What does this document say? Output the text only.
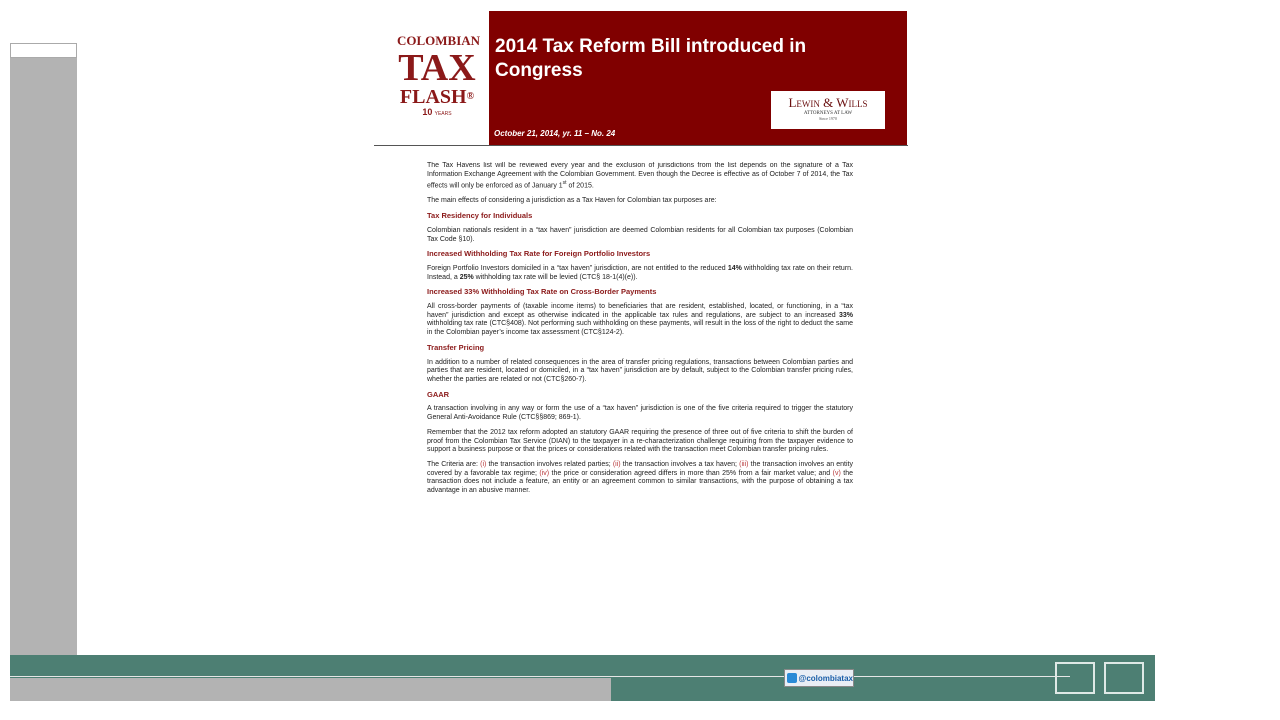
COLOMBIAN
TAX
FLASH®
10 YEARS
2014 Tax Reform Bill introduced in Congress
Lewin & Wills
ATTORNEYS AT LAW
Since 1970
October 21, 2014, yr. 11 – No. 24

The Tax Havens list will be reviewed every year and the exclusion of jurisdictions from the list depends on the signature of a Tax Information Exchange Agreement with the Colombian Government. Even though the Decree is effective as of October 7 of 2014, the Tax effects will only be enforced as of January 1st of 2015.

The main effects of considering a jurisdiction as a Tax Haven for Colombian tax purposes are:

Tax Residency for Individuals

Colombian nationals resident in a “tax haven” jurisdiction are deemed Colombian residents for all Colombian tax purposes (Colombian Tax Code §10).

Increased Withholding Tax Rate for Foreign Portfolio Investors

Foreign Portfolio Investors domiciled in a “tax haven” jurisdiction, are not entitled to the reduced 14% withholding tax rate on their return. Instead, a 25% withholding tax rate will be levied (CTC§ 18-1(4)(e)).

Increased 33% Withholding Tax Rate on Cross-Border Payments

All cross-border payments of (taxable income items) to beneficiaries that are resident, established, located, or functioning, in a “tax haven” jurisdiction and except as otherwise indicated in the applicable tax rules and regulations, are subject to an increased 33% withholding tax rate (CTC§408). Not performing such withholding on these payments, will result in the loss of the right to deduct the same in the Colombian payer’s income tax assessment (CTC§124-2).

Transfer Pricing

In addition to a number of related consequences in the area of transfer pricing regulations, transactions between Colombian parties and parties that are resident, located or domiciled, in a “tax haven” jurisdiction are by default, subject to the Colombian transfer pricing rules, whether the parties are related or not (CTC§260-7).

GAAR

A transaction involving in any way or form the use of a “tax haven” jurisdiction is one of the five criteria required to trigger the statutory General Anti-Avoidance Rule (CTC§§869; 869-1).

Remember that the 2012 tax reform adopted an statutory GAAR requiring the presence of three out of five criteria to shift the burden of proof from the Colombian Tax Service (DIAN) to the taxpayer in a re-characterization challenge requiring from the taxpayer evidence to support a business purpose or that the prices or considerations related with the transaction meet Colombian transfer pricing rules.

The Criteria are: (i) the transaction involves related parties; (ii) the transaction involves a tax haven; (iii) the transaction involves an entity covered by a favorable tax regime; (iv) the price or consideration agreed differs in more than 25% from a fair market value; and (v) the transaction does not include a feature, an entity or an agreement common to similar transactions, with the purpose of obtaining a tax advantage in an abusive manner.

@colombiatax
